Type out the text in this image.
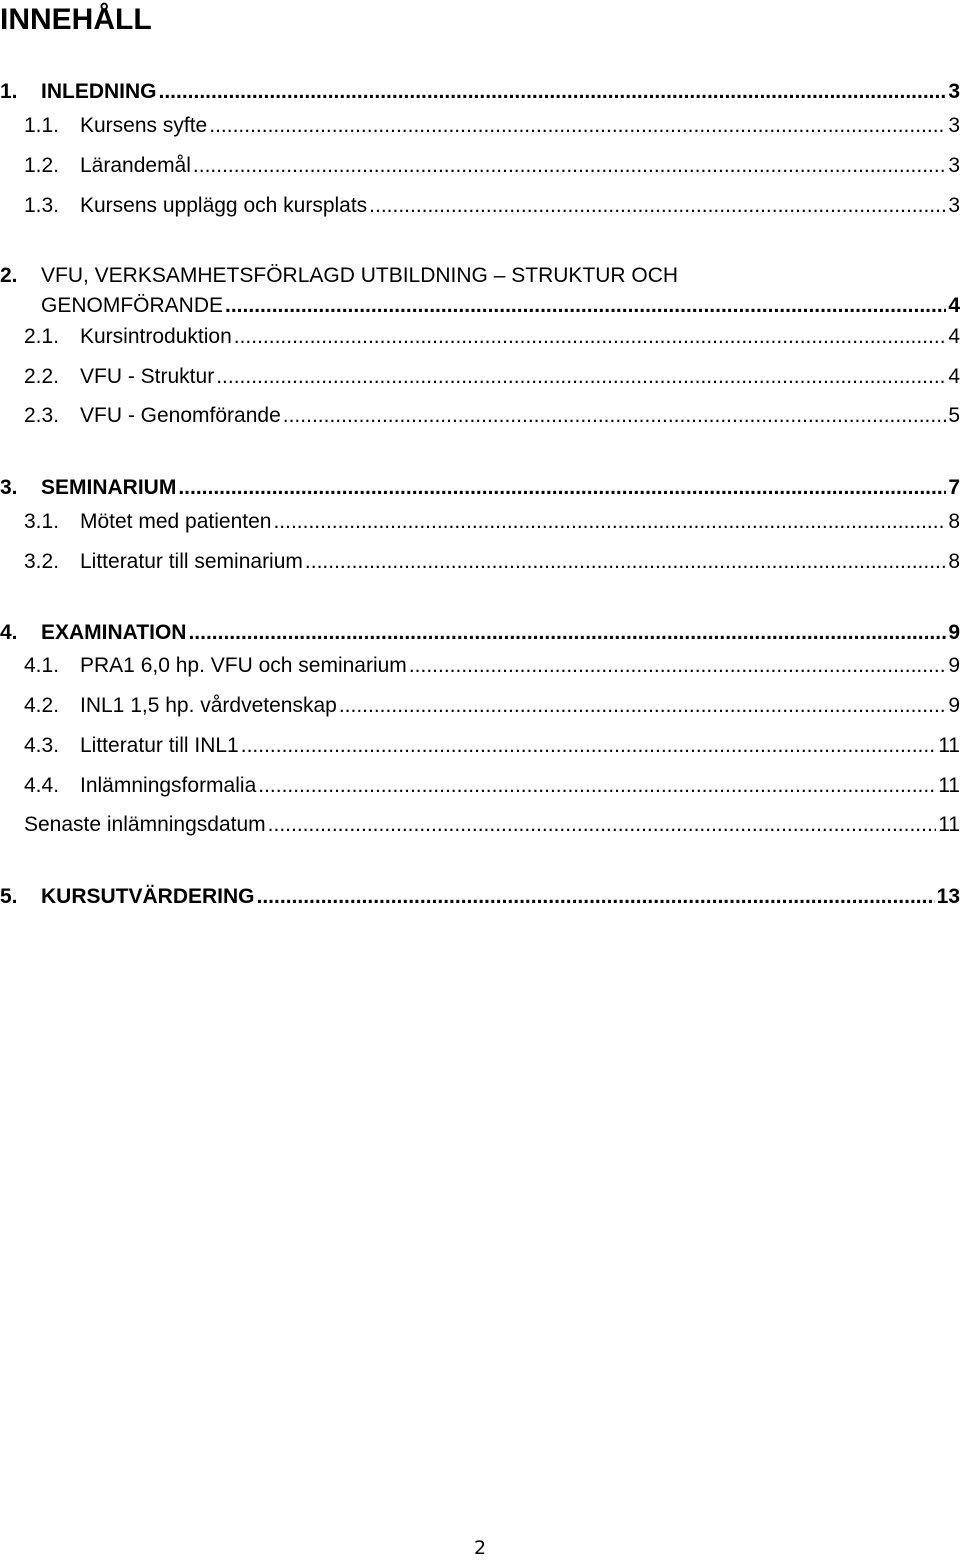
INNEHÅLL
1. INLEDNING .....	3
1.1. Kursens syfte .....	3
1.2. Lärandemål .....	3
1.3. Kursens upplägg och kursplats .....	3
2. VFU, VERKSAMHETSFÖRLAGD UTBILDNING – STRUKTUR OCH
GENOMFÖRANDE .....	4
2.1. Kursintroduktion .....	4
2.2. VFU - Struktur .....	4
2.3. VFU - Genomförande .....	5
3. SEMINARIUM .....	7
3.1. Mötet med patienten .....	8
3.2. Litteratur till seminarium .....	8
4. EXAMINATION .....	9
4.1. PRA1 6,0 hp. VFU och seminarium .....	9
4.2. INL1 1,5 hp. vårdvetenskap .....	9
4.3. Litteratur till INL1 .....	11
4.4. Inlämningsformalia .....	11
Senaste inlämningsdatum .....	11
5. KURSUTVÄRDERING .....	13
2
